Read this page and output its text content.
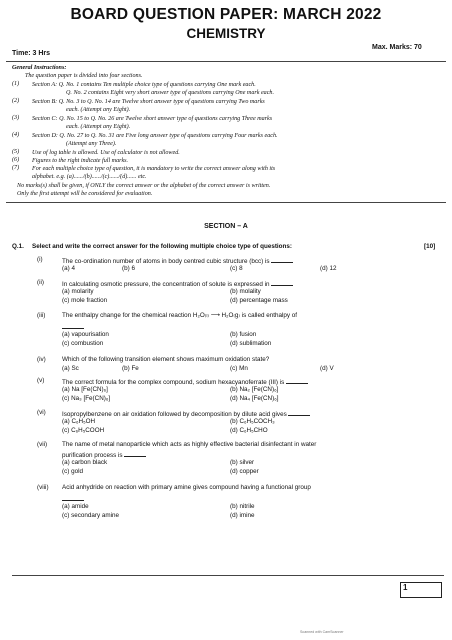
BOARD QUESTION PAPER: MARCH 2022
CHEMISTRY
Time: 3 Hrs
Max. Marks: 70
General Instructions:
The question paper is divided into four sections.
(1) Section A: Q. No. 1 contains Ten multiple choice type of questions carrying One mark each.
Q. No. 2 contains Eight very short answer type of questions carrying One mark each.
(2) Section B: Q. No. 3 to Q. No. 14 are Twelve short answer type of questions carrying Two marks
each. (Attempt any Eight).
(3) Section C: Q. No. 15 to Q. No. 26 are Twelve short answer type of questions carrying Three marks
each. (Attempt any Eight).
(4) Section D: Q. No. 27 to Q. No. 31 are Five long answer type of questions carrying Four marks each.
(Attempt any Three).
(5) Use of log table is allowed. Use of calculator is not allowed.
(6) Figures to the right indicate full marks.
(7) For each multiple choice type of question, it is mandatory to write the correct answer along with its
alphabet. e.g. (a)....../(b)....../(c)....../(d)...... etc.
No marks(s) shall be given, if ONLY the correct answer or the alphabet of the correct answer is written.
Only the first attempt will be considered for evaluation.
SECTION – A
Q.1. Select and write the correct answer for the following multiple choice type of questions:	[10]
(i)	The co-ordination number of atoms in body centred cubic structure (bcc) is
(a) 4	(b) 6	(c) 8	(d) 12
(ii)	In calculating osmotic pressure, the concentration of solute is expressed in
(a) molarity	(b) molality
(c) mole fraction	(d) percentage mass
(iii)	The enthalpy change for the chemical reaction H₂O₍ₗ₎ ⟶ H₂O₍g₎ is called enthalpy of
(a) vapourisation	(b) fusion
(c) combustion	(d) sublimation
(iv)	Which of the following transition element shows maximum oxidation state?
(a) Sc	(b) Fe	(c) Mn	(d) V
(v)	The correct formula for the complex compound, sodium hexacyanoferrate (III) is
(a) Na [Fe(CN)₆]	(b) Na₂ [Fe(CN)₆]
(c) Na₃ [Fe(CN)₆]	(d) Na₄ [Fe(CN)₆]
(vi)	Isopropylbenzene on air oxidation followed by decomposition by dilute acid gives
(a) C₆H₅OH	(b) C₆H₅COCH₃
(c) C₆H₅COOH	(d) C₆H₅CHO
(vii) The name of metal nanoparticle which acts as highly effective bacterial disinfectant in water
purification process is
(a) carbon black	(b) silver
(c) gold	(d) copper
(viii) Acid anhydride on reaction with primary amine gives compound having a functional group
(a) amide	(b) nitrile
(c) secondary amine	(d) imine
1
Scanned with CamScanner
